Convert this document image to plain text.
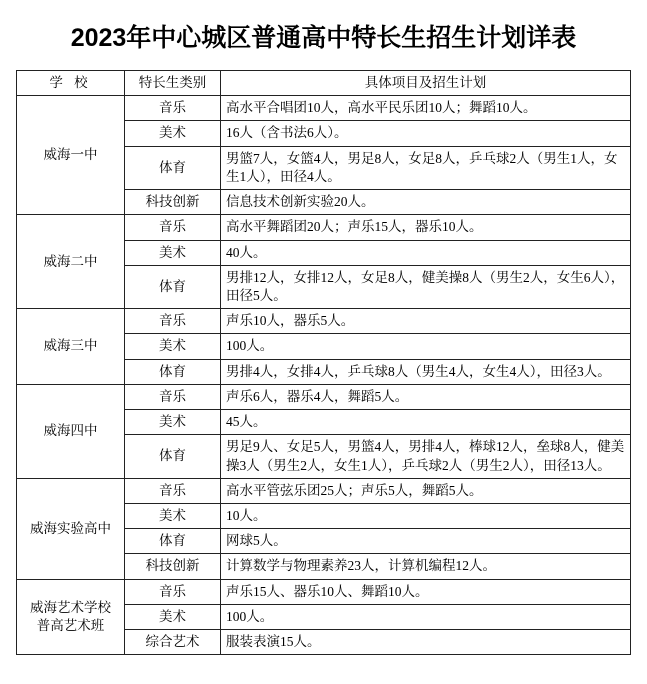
2023年中心城区普通高中特长生招生计划详表
学 校	特长生类别	具体项目及招生计划
威海一中	音乐	高水平合唱团10人，高水平民乐团10人；舞蹈10人。
	美术	16人（含书法6人）。
	体育	男篮7人，女篮4人，男足8人，女足8人，乒乓球2人（男生1人，女生1人），田径4人。
	科技创新	信息技术创新实验20人。
威海二中	音乐	高水平舞蹈团20人；声乐15人，器乐10人。
	美术	40人。
	体育	男排12人，女排12人，女足8人，健美操8人（男生2人，女生6人），田径5人。
威海三中	音乐	声乐10人，器乐5人。
	美术	100人。
	体育	男排4人，女排4人，乒乓球8人（男生4人，女生4人），田径3人。
威海四中	音乐	声乐6人，器乐4人，舞蹈5人。
	美术	45人。
	体育	男足9人、女足5人，男篮4人，男排4人，棒球12人，垒球8人，健美操3人（男生2人，女生1人），乒乓球2人（男生2人），田径13人。
威海实验高中	音乐	高水平管弦乐团25人；声乐5人，舞蹈5人。
	美术	10人。
	体育	网球5人。
	科技创新	计算数学与物理素养23人，计算机编程12人。
威海艺术学校
普高艺术班	音乐	声乐15人、器乐10人、舞蹈10人。
	美术	100人。
	综合艺术	服装表演15人。
